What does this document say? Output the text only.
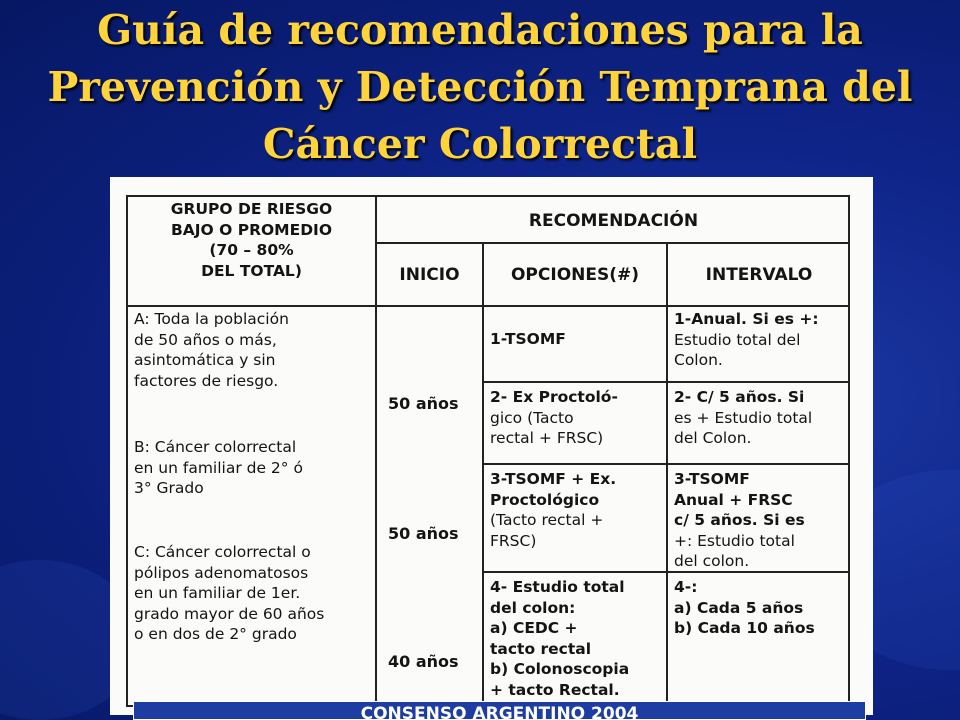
Guía de recomendaciones para la
Prevención y Detección Temprana del
Cáncer Colorrectal
GRUPO DE RIESGO
BAJO O PROMEDIO
(70 – 80%
DEL TOTAL)
RECOMENDACIÓN
INICIO	OPCIONES(#)	INTERVALO
A: Toda la población
de 50 años o más,
asintomática y sin
factores de riesgo.
B: Cáncer colorrectal
en un familiar de 2° ó
3° Grado
C: Cáncer colorrectal o
pólipos adenomatosos
en un familiar de 1er.
grado mayor de 60 años
o en dos de 2° grado
50 años
50 años
40 años
1-TSOMF
2- Ex Proctoló-
gico (Tacto
rectal + FRSC)
3-TSOMF + Ex.
Proctológico
(Tacto rectal +
FRSC)
4- Estudio total
del colon:
a) CEDC +
tacto rectal
b) Colonoscopia
+ tacto Rectal.
1-Anual. Si es +:
Estudio total del
Colon.
2- C/ 5 años. Si
es + Estudio total
del Colon.
3-TSOMF
Anual + FRSC
c/ 5 años. Si es
+: Estudio total
del colon.
4-:
a) Cada 5 años
b) Cada 10 años
CONSENSO ARGENTINO 2004
